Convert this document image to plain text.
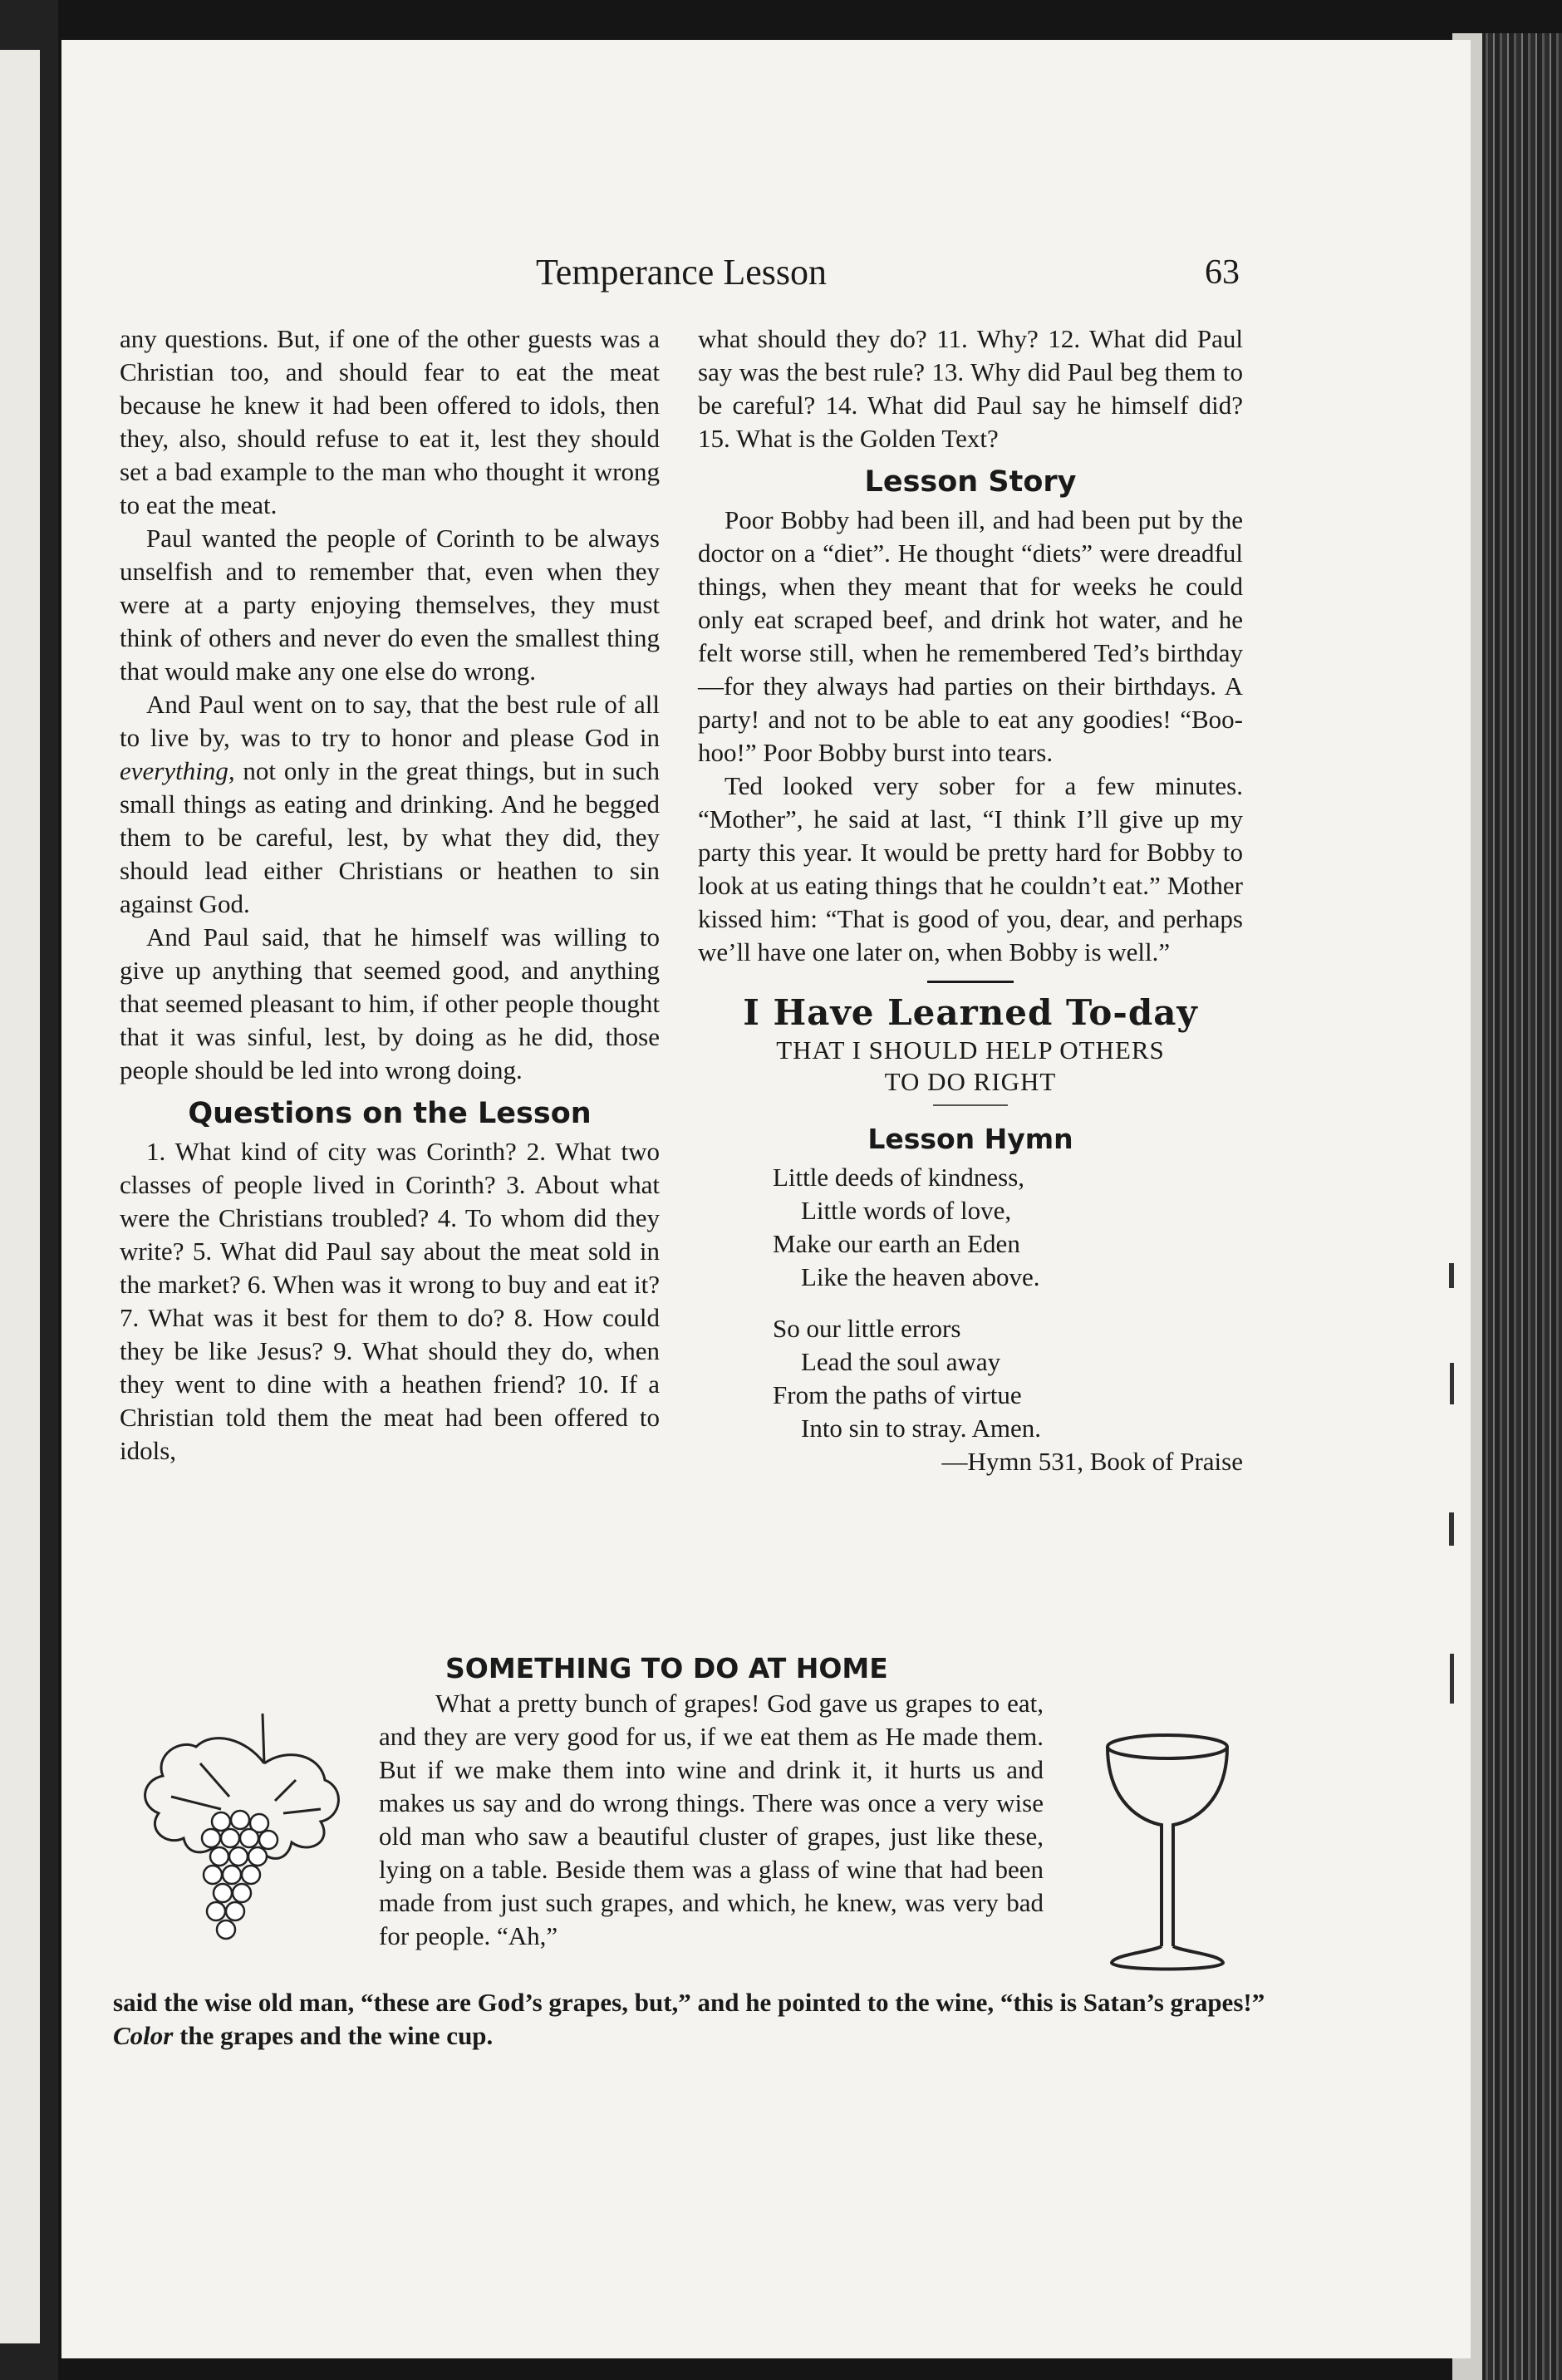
Temperance Lesson	63

any questions. But, if one of the other guests was a Christian too, and should fear to eat the meat because he knew it had been offered to idols, then they, also, should refuse to eat it, lest they should set a bad example to the man who thought it wrong to eat the meat.

Paul wanted the people of Corinth to be always unselfish and to remember that, even when they were at a party enjoying themselves, they must think of others and never do even the smallest thing that would make any one else do wrong.

And Paul went on to say, that the best rule of all to live by, was to try to honor and please God in everything, not only in the great things, but in such small things as eating and drinking. And he begged them to be careful, lest, by what they did, they should lead either Christians or heathen to sin against God.

And Paul said, that he himself was willing to give up anything that seemed good, and anything that seemed pleasant to him, if other people thought that it was sinful, lest, by doing as he did, those people should be led into wrong doing.

Questions on the Lesson

1. What kind of city was Corinth? 2. What two classes of people lived in Corinth? 3. About what were the Christians troubled? 4. To whom did they write? 5. What did Paul say about the meat sold in the market? 6. When was it wrong to buy and eat it? 7. What was it best for them to do? 8. How could they be like Jesus? 9. What should they do, when they went to dine with a heathen friend? 10. If a Christian told them the meat had been offered to idols,

what should they do? 11. Why? 12. What did Paul say was the best rule? 13. Why did Paul beg them to be careful? 14. What did Paul say he himself did? 15. What is the Golden Text?

Lesson Story

Poor Bobby had been ill, and had been put by the doctor on a “diet”. He thought “diets” were dreadful things, when they meant that for weeks he could only eat scraped beef, and drink hot water, and he felt worse still, when he remembered Ted’s birthday—for they always had parties on their birthdays. A party! and not to be able to eat any goodies! “Boo-hoo!” Poor Bobby burst into tears.

Ted looked very sober for a few minutes. “Mother”, he said at last, “I think I’ll give up my party this year. It would be pretty hard for Bobby to look at us eating things that he couldn’t eat.” Mother kissed him: “That is good of you, dear, and perhaps we’ll have one later on, when Bobby is well.”

I Have Learned To-day
THAT I SHOULD HELP OTHERS
TO DO RIGHT
Lesson Hymn
Little deeds of kindness,
Little words of love,
Make our earth an Eden
Like the heaven above.
So our little errors
Lead the soul away
From the paths of virtue
Into sin to stray. Amen.
—Hymn 531, Book of Praise
SOMETHING TO DO AT HOME

What a pretty bunch of grapes! God gave us grapes to eat, and they are very good for us, if we eat them as He made them. But if we make them into wine and drink it, it hurts us and makes us say and do wrong things. There was once a very wise old man who saw a beautiful cluster of grapes, just like these, lying on a table. Beside them was a glass of wine that had been made from just such grapes, and which, he knew, was very bad for people. “Ah,”

said the wise old man, “these are God’s grapes, but,” and he pointed to the wine, “this is Satan’s grapes!” Color the grapes and the wine cup.
